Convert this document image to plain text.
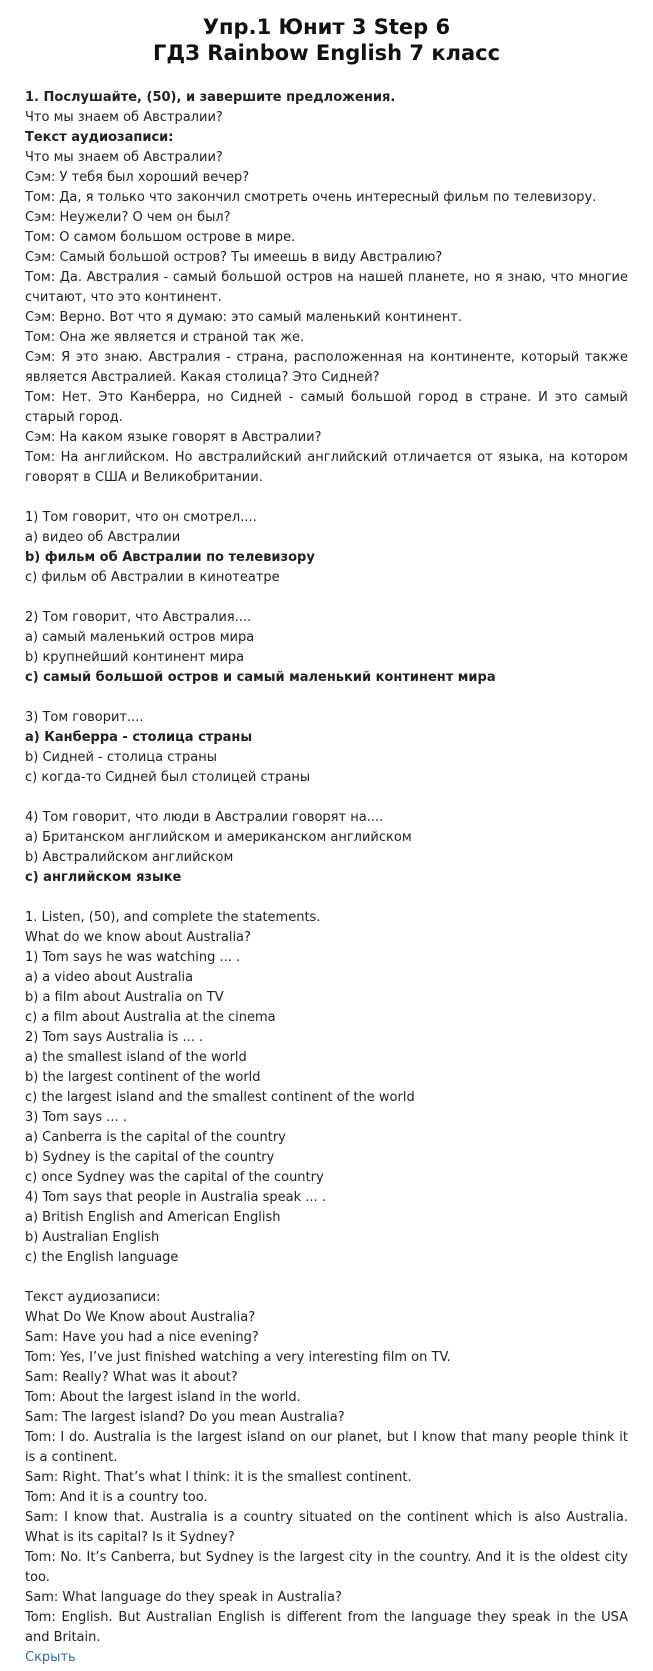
Упр.1 Юнит 3 Step 6
ГДЗ Rainbow English 7 класс

1. Послушайте, (50), и завершите предложения.

Что мы знаем об Австралии?

Текст аудиозаписи:

Что мы знаем об Австралии?

Сэм: У тебя был хороший вечер?

Том: Да, я только что закончил смотреть очень интересный фильм по телевизору.

Сэм: Неужели? О чем он был?

Том: О самом большом острове в мире.

Сэм: Самый большой остров? Ты имеешь в виду Австралию?

Том: Да. Австралия - самый большой остров на нашей планете, но я знаю, что многие считают, что это континент.

Сэм: Верно. Вот что я думаю: это самый маленький континент.

Том: Она же является и страной так же.

Сэм: Я это знаю. Австралия - страна, расположенная на континенте, который также является Австралией. Какая столица? Это Сидней?

Том: Нет. Это Канберра, но Сидней - самый большой город в стране. И это самый старый город.

Сэм: На каком языке говорят в Австралии?

Том: На английском. Но австралийский английский отличается от языка, на котором говорят в США и Великобритании.

1) Том говорит, что он смотрел....

a) видео об Австралии

b) фильм об Австралии по телевизору

c) фильм об Австралии в кинотеатре

2) Том говорит, что Австралия....

a) самый маленький остров мира

b) крупнейший континент мира

c) самый большой остров и самый маленький континент мира

3) Том говорит....

a) Канберра - столица страны

b) Сидней - столица страны

c) когда-то Сидней был столицей страны

4) Том говорит, что люди в Австралии говорят на....

a) Британском английском и американском английском

b) Австралийском английском

c) английском языке

1. Listen, (50), and complete the statements.

What do we know about Australia?

1) Tom says he was watching ... .

a) a video about Australia

b) a film about Australia on TV

c) a film about Australia at the cinema

2) Tom says Australia is ... .

a) the smallest island of the world

b) the largest continent of the world

c) the largest island and the smallest continent of the world

3) Tom says ... .

a) Canberra is the capital of the country

b) Sydney is the capital of the country

c) once Sydney was the capital of the country

4) Tom says that people in Australia speak ... .

a) British English and American English

b) Australian English

c) the English language

Текст аудиозаписи:

What Do We Know about Australia?

Sam: Have you had a nice evening?

Tom: Yes, I’ve just finished watching a very interesting film on TV.

Sam: Really? What was it about?

Tom: About the largest island in the world.

Sam: The largest island? Do you mean Australia?

Tom: I do. Australia is the largest island on our planet, but I know that many people think it is a continent.

Sam: Right. That’s what I think: it is the smallest continent.

Tom: And it is a country too.

Sam: I know that. Australia is a country situated on the continent which is also Australia. What is its capital? Is it Sydney?

Tom: No. It’s Canberra, but Sydney is the largest city in the country. And it is the oldest city too.

Sam: What language do they speak in Australia?

Tom: English. But Australian English is different from the language they speak in the USA and Britain.

Скрыть
